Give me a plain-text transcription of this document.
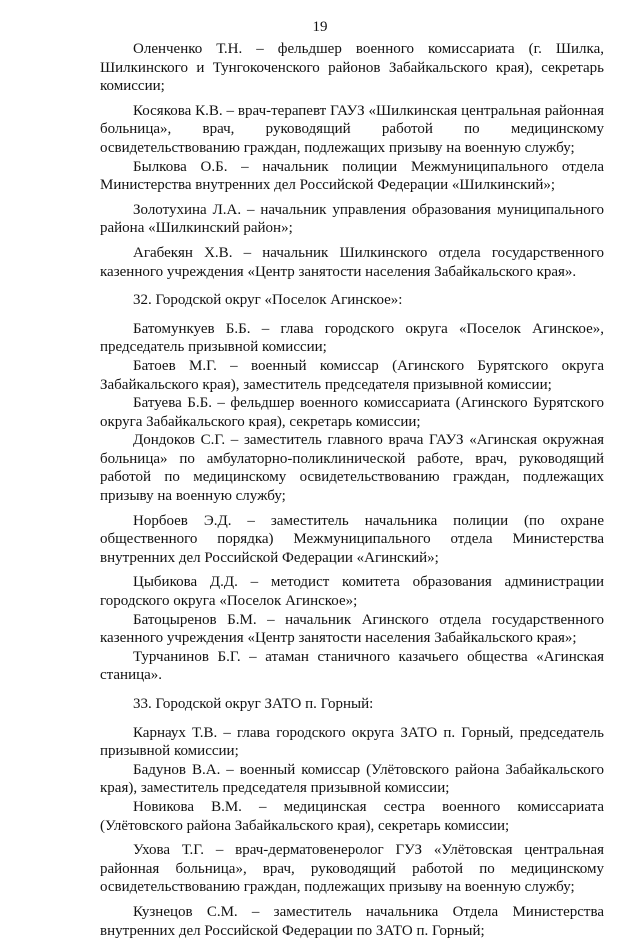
19

Оленченко Т.Н. – фельдшер военного комиссариата (г. Шилка, Шилкинского и Тунгокоченского районов Забайкальского края), секретарь комиссии;

Косякова К.В. – врач-терапевт ГАУЗ «Шилкинская центральная районная больница», врач, руководящий работой по медицинскому освидетельствованию граждан, подлежащих призыву на военную службу;

Былкова О.Б. – начальник полиции Межмуниципального отдела Министерства внутренних дел Российской Федерации «Шилкинский»;

Золотухина Л.А. – начальник управления образования муниципального района «Шилкинский район»;

Агабекян Х.В. – начальник Шилкинского отдела государственного казенного учреждения «Центр занятости населения Забайкальского края».

32. Городской округ «Поселок Агинское»:

Батомункуев Б.Б. – глава городского округа «Поселок Агинское», председатель призывной комиссии;

Батоев М.Г. – военный комиссар (Агинского Бурятского округа Забайкальского края), заместитель председателя призывной комиссии;

Батуева Б.Б. – фельдшер военного комиссариата (Агинского Бурятского округа Забайкальского края), секретарь комиссии;

Дондоков С.Г. – заместитель главного врача ГАУЗ «Агинская окружная больница» по амбулаторно-поликлинической работе, врач, руководящий работой по медицинскому освидетельствованию граждан, подлежащих призыву на военную службу;

Норбоев Э.Д. – заместитель начальника полиции (по охране общественного порядка) Межмуниципального отдела Министерства внутренних дел Российской Федерации «Агинский»;

Цыбикова Д.Д. – методист комитета образования администрации городского округа «Поселок Агинское»;

Батоцыренов Б.М. – начальник Агинского отдела государственного казенного учреждения «Центр занятости населения Забайкальского края»;

Турчанинов Б.Г. – атаман станичного казачьего общества «Агинская станица».

33. Городской округ ЗАТО п. Горный:

Карнаух Т.В. – глава городского округа ЗАТО п. Горный, председатель призывной комиссии;

Бадунов В.А. – военный комиссар (Улётовского района Забайкальского края), заместитель председателя призывной комиссии;

Новикова В.М. – медицинская сестра военного комиссариата (Улётовского района Забайкальского края), секретарь комиссии;

Ухова Т.Г. – врач-дерматовенеролог ГУЗ «Улётовская центральная районная больница», врач, руководящий работой по медицинскому освидетельствованию граждан, подлежащих призыву на военную службу;

Кузнецов С.М. – заместитель начальника Отдела Министерства внутренних дел Российской Федерации по ЗАТО п. Горный;
